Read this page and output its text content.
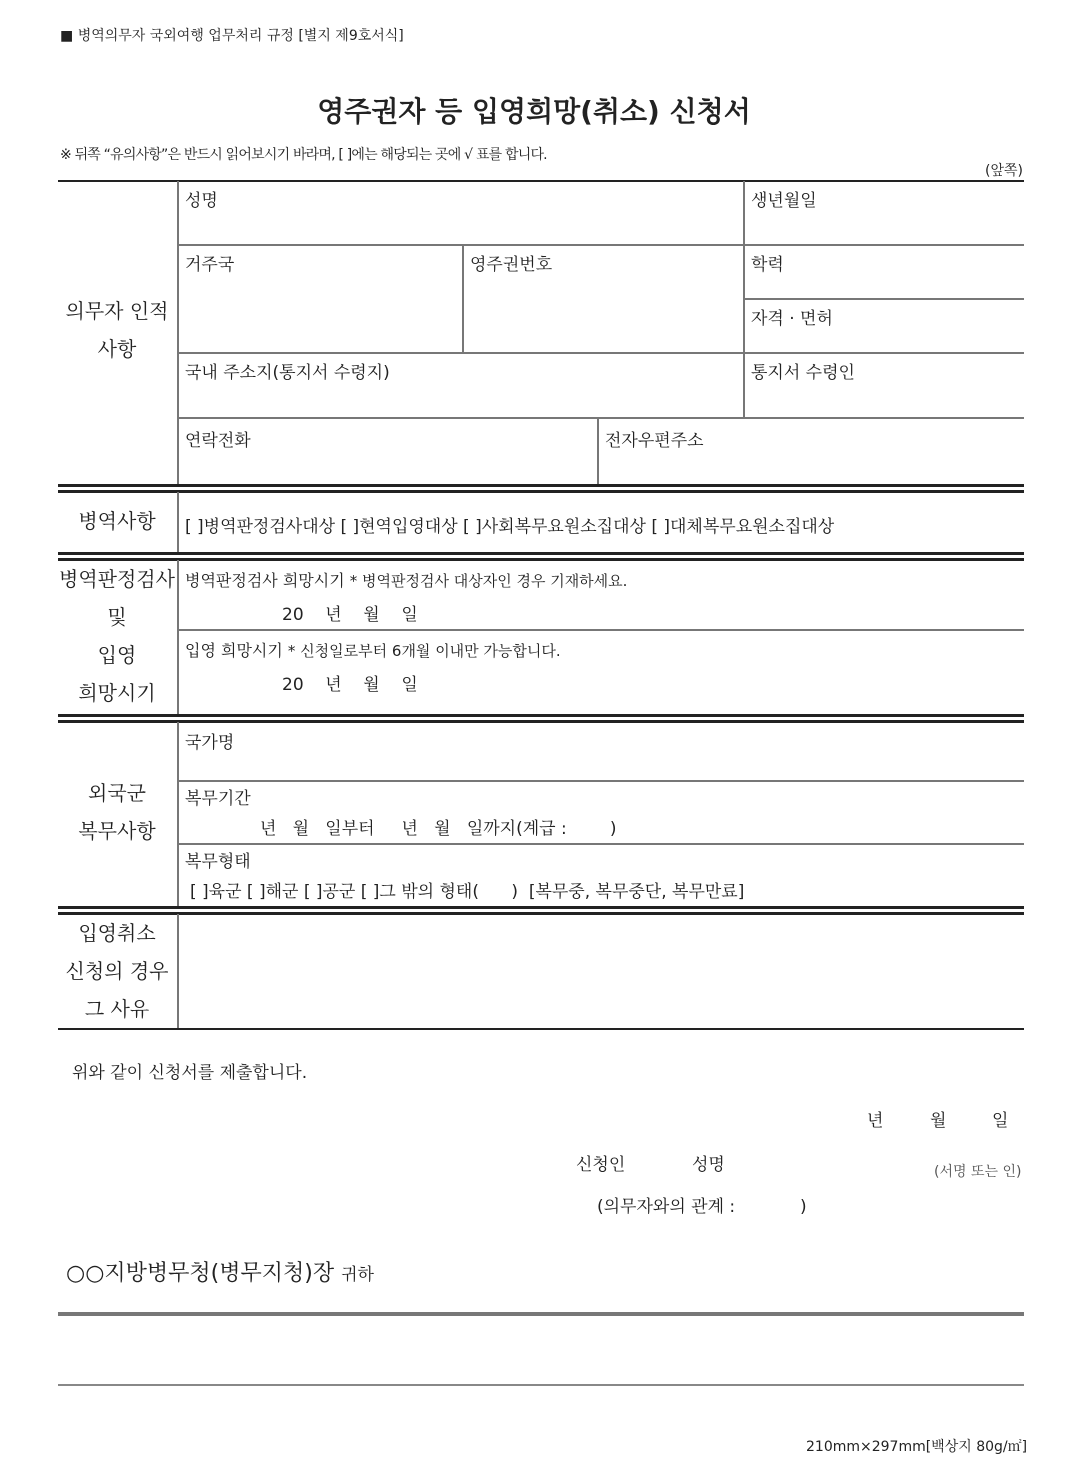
■ 병역의무자 국외여행 업무처리 규정 [별지 제9호서식]
영주권자 등 입영희망(취소) 신청서
※ 뒤쪽 “유의사항”은 반드시 읽어보시기 바라며, [ ]에는 해당되는 곳에 √ 표를 합니다.
(앞쪽)
의무자 인적
사항
성명	생년월일
거주국	영주권번호	학력
자격 · 면허
국내 주소지(통지서 수령지)	통지서 수령인
연락전화	전자우편주소
병역사항	[ ]병역판정검사대상 [ ]현역입영대상 [ ]사회복무요원소집대상 [ ]대체복무요원소집대상
병역판정검사
및
입영
희망시기
병역판정검사 희망시기 * 병역판정검사 대상자인 경우 기재하세요.
20    년    월    일
입영 희망시기 * 신청일로부터 6개월 이내만 가능합니다.
20    년    월    일
외국군
복무사항
국가명
복무기간
년   월   일부터     년   월   일까지(계급 :        )
복무형태
[ ]육군 [ ]해군 [ ]공군 [ ]그 밖의 형태(      )  [복무중, 복무중단, 복무만료]
입영취소
신청의 경우
그 사유
위와 같이 신청서를 제출합니다.
년	월	일
신청인	성명	(서명 또는 인)
(의무자와의 관계 :            )
○○지방병무청(병무지청)장 귀하
210mm×297mm[백상지 80g/㎡]
